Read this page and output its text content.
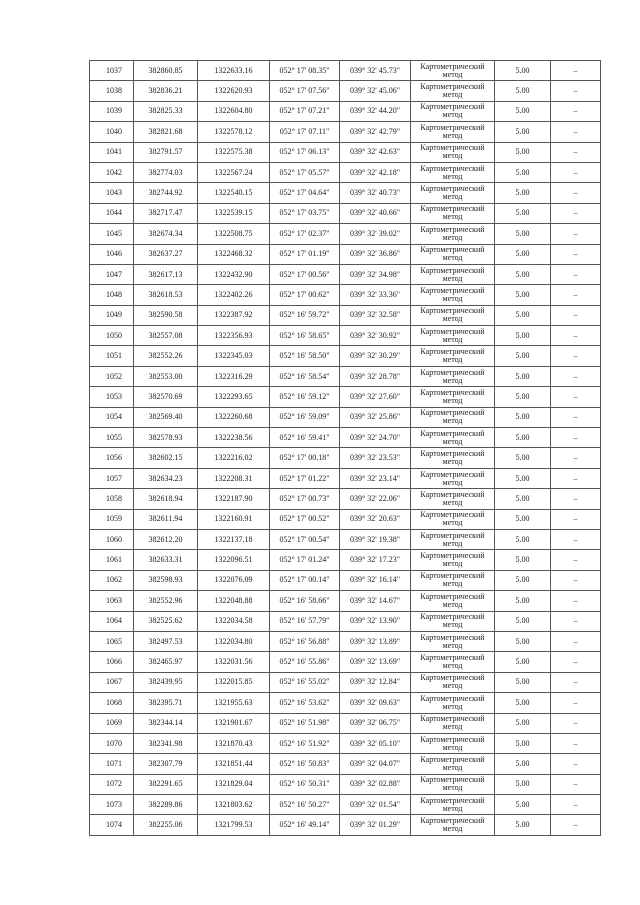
1037	382860.85	1322633.16	052° 17' 08.35"	039° 32' 45.73"	Картометрический метод	5.00	–
1038	382836.21	1322620.93	052° 17' 07.56"	039° 32' 45.06"	Картометрический метод	5.00	–
1039	382825.33	1322604.80	052° 17' 07.21"	039° 32' 44.20"	Картометрический метод	5.00	–
1040	382821.68	1322578.12	052° 17' 07.11"	039° 32' 42.79"	Картометрический метод	5.00	–
1041	382791.57	1322575.38	052° 17' 06.13"	039° 32' 42.63"	Картометрический метод	5.00	–
1042	382774.03	1322567.24	052° 17' 05.57"	039° 32' 42.18"	Картометрический метод	5.00	–
1043	382744.92	1322540.15	052° 17' 04.64"	039° 32' 40.73"	Картометрический метод	5.00	–
1044	382717.47	1322539.15	052° 17' 03.75"	039° 32' 40.66"	Картометрический метод	5.00	–
1045	382674.34	1322508.75	052° 17' 02.37"	039° 32' 39.02"	Картометрический метод	5.00	–
1046	382637.27	1322468.32	052° 17' 01.19"	039° 32' 36.86"	Картометрический метод	5.00	–
1047	382617.13	1322432.90	052° 17' 00.56"	039° 32' 34.98"	Картометрический метод	5.00	–
1048	382618.53	1322402.26	052° 17' 00.62"	039° 32' 33.36"	Картометрический метод	5.00	–
1049	382590.58	1322387.92	052° 16' 59.72"	039° 32' 32.58"	Картометрический метод	5.00	–
1050	382557.08	1322356.93	052° 16' 58.65"	039° 32' 30.92"	Картометрический метод	5.00	–
1051	382552.26	1322345.03	052° 16' 58.50"	039° 32' 30.29"	Картометрический метод	5.00	–
1052	382553.00	1322316.29	052° 16' 58.54"	039° 32' 28.78"	Картометрический метод	5.00	–
1053	382570.69	1322293.65	052° 16' 59.12"	039° 32' 27.60"	Картометрический метод	5.00	–
1054	382569.40	1322260.68	052° 16' 59.09"	039° 32' 25.86"	Картометрический метод	5.00	–
1055	382578.93	1322238.56	052° 16' 59.41"	039° 32' 24.70"	Картометрический метод	5.00	–
1056	382602.15	1322216.02	052° 17' 00.18"	039° 32' 23.53"	Картометрический метод	5.00	–
1057	382634.23	1322208.31	052° 17' 01.22"	039° 32' 23.14"	Картометрический метод	5.00	–
1058	382618.94	1322187.90	052° 17' 00.73"	039° 32' 22.06"	Картометрический метод	5.00	–
1059	382611.94	1322160.91	052° 17' 00.52"	039° 32' 20.63"	Картометрический метод	5.00	–
1060	382612.20	1322137.18	052° 17' 00.54"	039° 32' 19.38"	Картометрический метод	5.00	–
1061	382633.31	1322096.51	052° 17' 01.24"	039° 32' 17.23"	Картометрический метод	5.00	–
1062	382598.93	1322076.09	052° 17' 00.14"	039° 32' 16.14"	Картометрический метод	5.00	–
1063	382552.96	1322048.88	052° 16' 58.66"	039° 32' 14.67"	Картометрический метод	5.00	–
1064	382525.62	1322034.58	052° 16' 57.79"	039° 32' 13.90"	Картометрический метод	5.00	–
1065	382497.53	1322034.80	052° 16' 56.88"	039° 32' 13.89"	Картометрический метод	5.00	–
1066	382465.97	1322031.56	052° 16' 55.86"	039° 32' 13.69"	Картометрический метод	5.00	–
1067	382439.95	1322015.85	052° 16' 55.02"	039° 32' 12.84"	Картометрический метод	5.00	–
1068	382395.71	1321955.63	052° 16' 53.62"	039° 32' 09.63"	Картометрический метод	5.00	–
1069	382344.14	1321901.67	052° 16' 51.98"	039° 32' 06.75"	Картометрический метод	5.00	–
1070	382341.98	1321870.43	052° 16' 51.92"	039° 32' 05.10"	Картометрический метод	5.00	–
1071	382307.79	1321851.44	052° 16' 50.83"	039° 32' 04.07"	Картометрический метод	5.00	–
1072	382291.65	1321829.04	052° 16' 50.31"	039° 32' 02.88"	Картометрический метод	5.00	–
1073	382289.86	1321803.62	052° 16' 50.27"	039° 32' 01.54"	Картометрический метод	5.00	–
1074	382255.06	1321799.53	052° 16' 49.14"	039° 32' 01.29"	Картометрический метод	5.00	–
